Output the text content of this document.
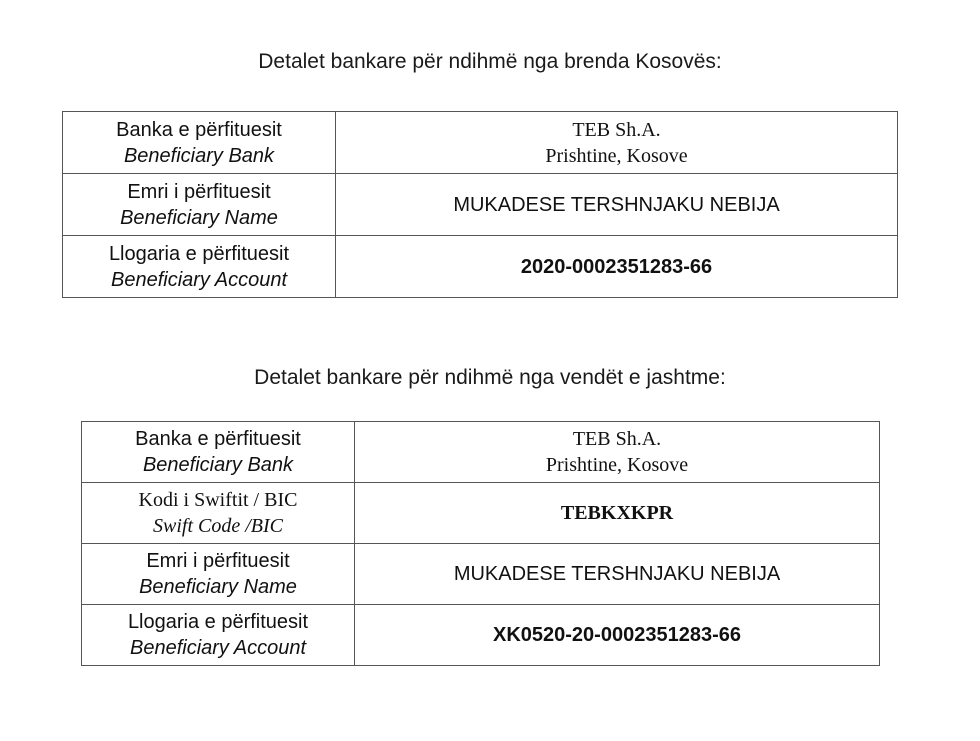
Detalet bankare për ndihmë nga brenda Kosovës:

Banka e përfituesit
Beneficiary Bank	TEB Sh.A.
Prishtine, Kosove

Emri i përfituesit
Beneficiary Name	MUKADESE TERSHNJAKU NEBIJA

Llogaria e përfituesit
Beneficiary Account	2020-0002351283-66

Detalet bankare për ndihmë nga vendët e jashtme:

Banka e përfituesit
Beneficiary Bank	TEB Sh.A.
Prishtine, Kosove

Kodi i Swiftit / BIC
Swift Code /BIC	TEBKXKPR

Emri i përfituesit
Beneficiary Name	MUKADESE TERSHNJAKU NEBIJA

Llogaria e përfituesit
Beneficiary Account	XK0520-20-0002351283-66
